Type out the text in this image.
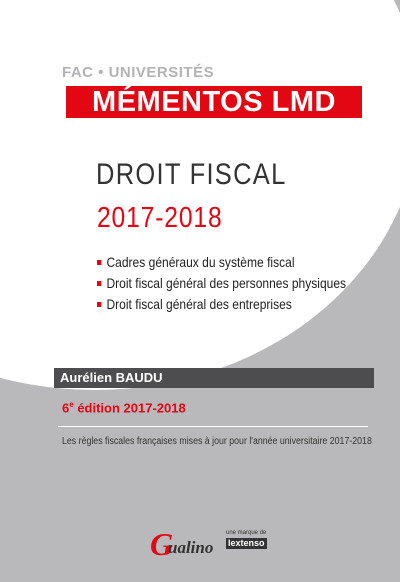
FAC • UNIVERSITÉS
MÉMENTOS LMD
DROIT FISCAL
2017-2018
Cadres généraux du système fiscal
Droit fiscal général des personnes physiques
Droit fiscal général des entreprises
Aurélien BAUDU
6e édition 2017-2018
Les règles fiscales françaises mises à jour pour l'année universitaire 2017-2018
G
ualino
une marque de
lextenso
